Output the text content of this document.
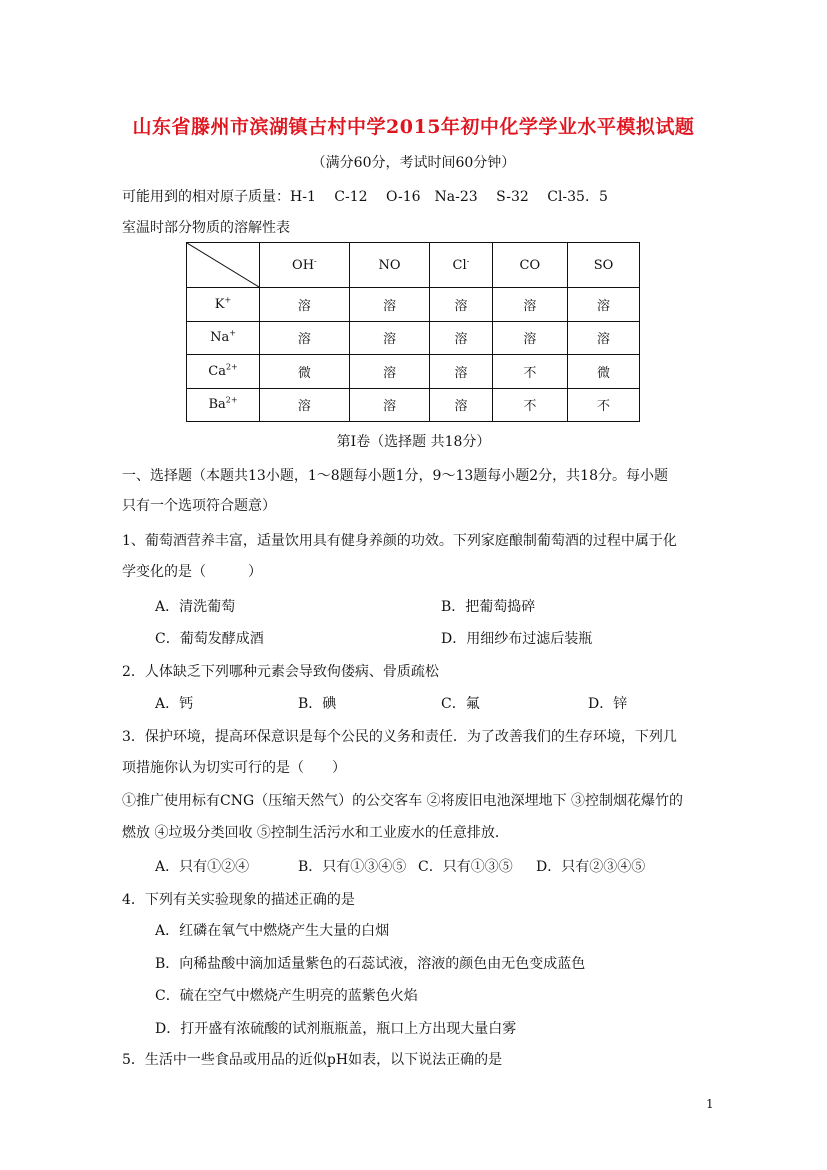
山东省滕州市滨湖镇古村中学2015年初中化学学业水平模拟试题
（满分60分，考试时间60分钟）
可能用到的相对原子质量：H-1　 C-12　 O-16　Na-23　 S-32　 Cl-35．5
室温时部分物质的溶解性表
	OH-	NO	Cl-	CO	SO
K+	溶	溶	溶	溶	溶
Na+	溶	溶	溶	溶	溶
$Ca^{2+}$	微	溶	溶	不	微
$Ba^{2+}$	溶	溶	溶	不	不
第Ⅰ卷（选择题 共18分）
一、选择题（本题共13小题，1～8题每小题1分，9～13题每小题2分，共18分。每小题
只有一个选项符合题意）
1、葡萄酒营养丰富，适量饮用具有健身养颜的功效。下列家庭酿制葡萄酒的过程中属于化
学变化的是（　　　）
A．清洗葡萄	B．把葡萄捣碎
C．葡萄发酵成酒	D．用细纱布过滤后装瓶
2．人体缺乏下列哪种元素会导致佝偻病、骨质疏松
A．钙	B．碘	C．氟	D．锌
3．保护环境，提高环保意识是每个公民的义务和责任．为了改善我们的生存环境，下列几
项措施你认为切实可行的是（　　）
①推广使用标有CNG（压缩天然气）的公交客车 ②将废旧电池深埋地下 ③控制烟花爆竹的
燃放 ④垃圾分类回收 ⑤控制生活污水和工业废水的任意排放．
A．只有①②④	B．只有①③④⑤ C．只有①③⑤ D．只有②③④⑤
4．下列有关实验现象的描述正确的是
A．红磷在氧气中燃烧产生大量的白烟
B．向稀盐酸中滴加适量紫色的石蕊试液，溶液的颜色由无色变成蓝色
C．硫在空气中燃烧产生明亮的蓝紫色火焰
D．打开盛有浓硫酸的试剂瓶瓶盖，瓶口上方出现大量白雾
5．生活中一些食品或用品的近似pH如表，以下说法正确的是
1
